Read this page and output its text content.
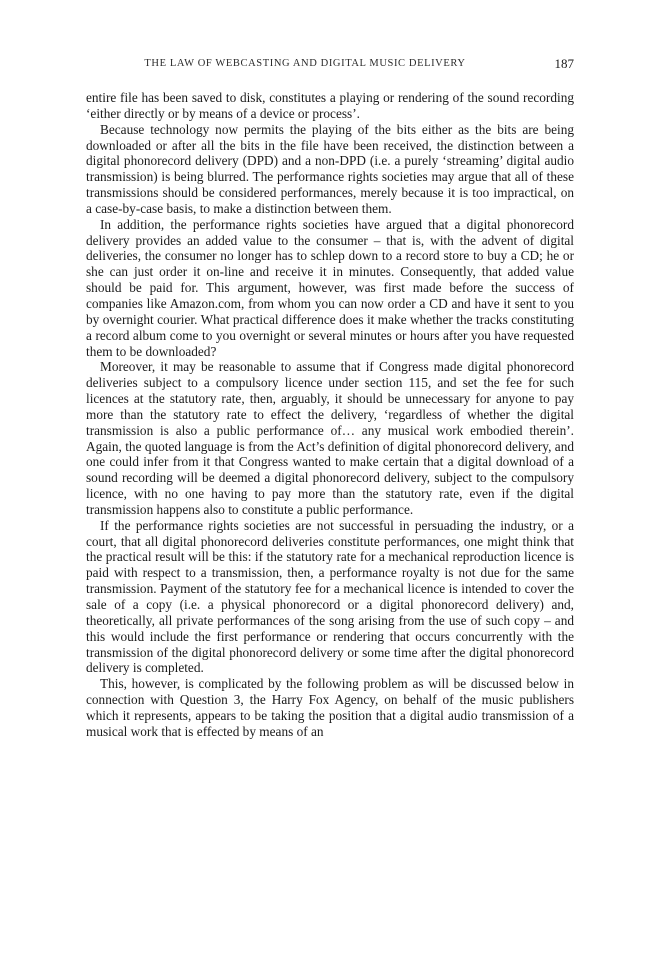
THE LAW OF WEBCASTING AND DIGITAL MUSIC DELIVERY	187

entire file has been saved to disk, constitutes a playing or rendering of the sound recording ‘either directly or by means of a device or process’.

Because technology now permits the playing of the bits either as the bits are being downloaded or after all the bits in the file have been received, the distinction between a digital phonorecord delivery (DPD) and a non-DPD (i.e. a purely ‘streaming’ digital audio transmission) is being blurred. The performance rights societies may argue that all of these transmissions should be considered performances, merely because it is too impractical, on a case-by-case basis, to make a distinction between them.

In addition, the performance rights societies have argued that a digital phonorecord delivery provides an added value to the consumer – that is, with the advent of digital deliveries, the consumer no longer has to schlep down to a record store to buy a CD; he or she can just order it on-line and receive it in minutes. Consequently, that added value should be paid for. This argument, however, was first made before the success of companies like Amazon.com, from whom you can now order a CD and have it sent to you by overnight courier. What practical difference does it make whether the tracks constituting a record album come to you overnight or several minutes or hours after you have requested them to be downloaded?

Moreover, it may be reasonable to assume that if Congress made digital phonorecord deliveries subject to a compulsory licence under section 115, and set the fee for such licences at the statutory rate, then, arguably, it should be unnecessary for anyone to pay more than the statutory rate to effect the delivery, ‘regardless of whether the digital transmission is also a public performance of… any musical work embodied therein’. Again, the quoted language is from the Act’s definition of digital phonorecord delivery, and one could infer from it that Congress wanted to make certain that a digital download of a sound recording will be deemed a digital phonorecord delivery, subject to the compulsory licence, with no one having to pay more than the statutory rate, even if the digital transmission happens also to constitute a public performance.

If the performance rights societies are not successful in persuading the industry, or a court, that all digital phonorecord deliveries constitute performances, one might think that the practical result will be this: if the statutory rate for a mechanical reproduction licence is paid with respect to a transmission, then, a performance royalty is not due for the same transmission. Payment of the statutory fee for a mechanical licence is intended to cover the sale of a copy (i.e. a physical phonorecord or a digital phonorecord delivery) and, theoretically, all private performances of the song arising from the use of such copy – and this would include the first performance or rendering that occurs concurrently with the transmission of the digital phonorecord delivery or some time after the digital phonorecord delivery is completed.

This, however, is complicated by the following problem as will be discussed below in connection with Question 3, the Harry Fox Agency, on behalf of the music publishers which it represents, appears to be taking the position that a digital audio transmission of a musical work that is effected by means of an
